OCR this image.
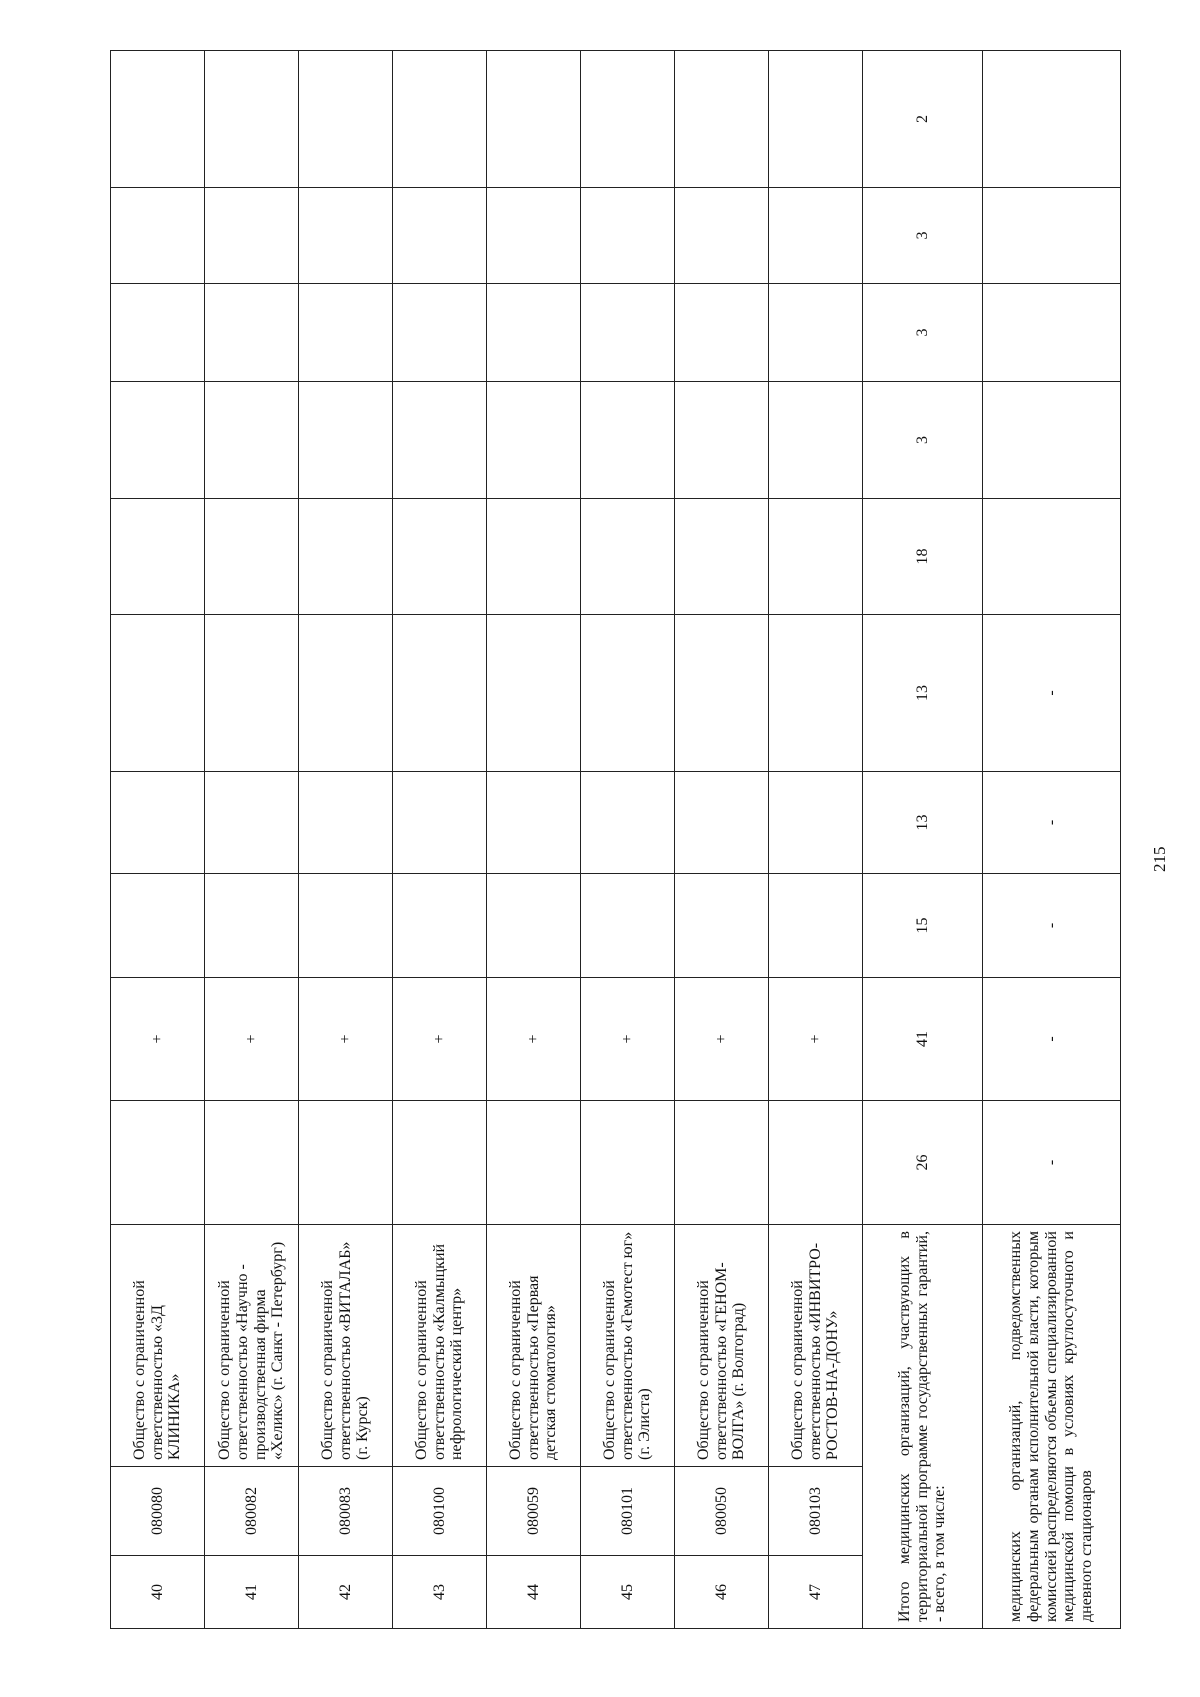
40	080080	Общество с ограниченной ответственностью «3Д КЛИНИКА»		+								
41	080082	Общество с ограниченной ответственностью «Научно - производственная фирма «Хеликс» (г. Санкт - Петербург)		+								
42	080083	Общество с ограниченной ответственностью «ВИТАЛАБ» (г. Курск)		+								
43	080100	Общество с ограниченной ответственностью «Калмыцкий нефрологический центр»		+								
44	080059	Общество с ограниченной ответственностью «Первая детская стоматология»		+								
45	080101	Общество с ограниченной ответственностью «Гемотест юг» (г. Элиста)		+								
46	080050	Общество с ограниченной ответственностью «ГЕНОМ-ВОЛГА» (г. Волгоград)		+								
47	080103	Общество с ограниченной ответственностью «ИНВИТРО-РОСТОВ-НА-ДОНУ»		+								
Итого медицинских организаций, участвующих в территориальной программе государственных гарантий, - всего, в том числе:			26	41	15	13	13	18	3	3	3	2
медицинских организаций, подведомственных федеральным органам исполнительной власти, которым комиссией распределяются объемы специализированной медицинской помощи в условиях круглосуточного и дневного стационаров			-	-	-	-	-					
215
